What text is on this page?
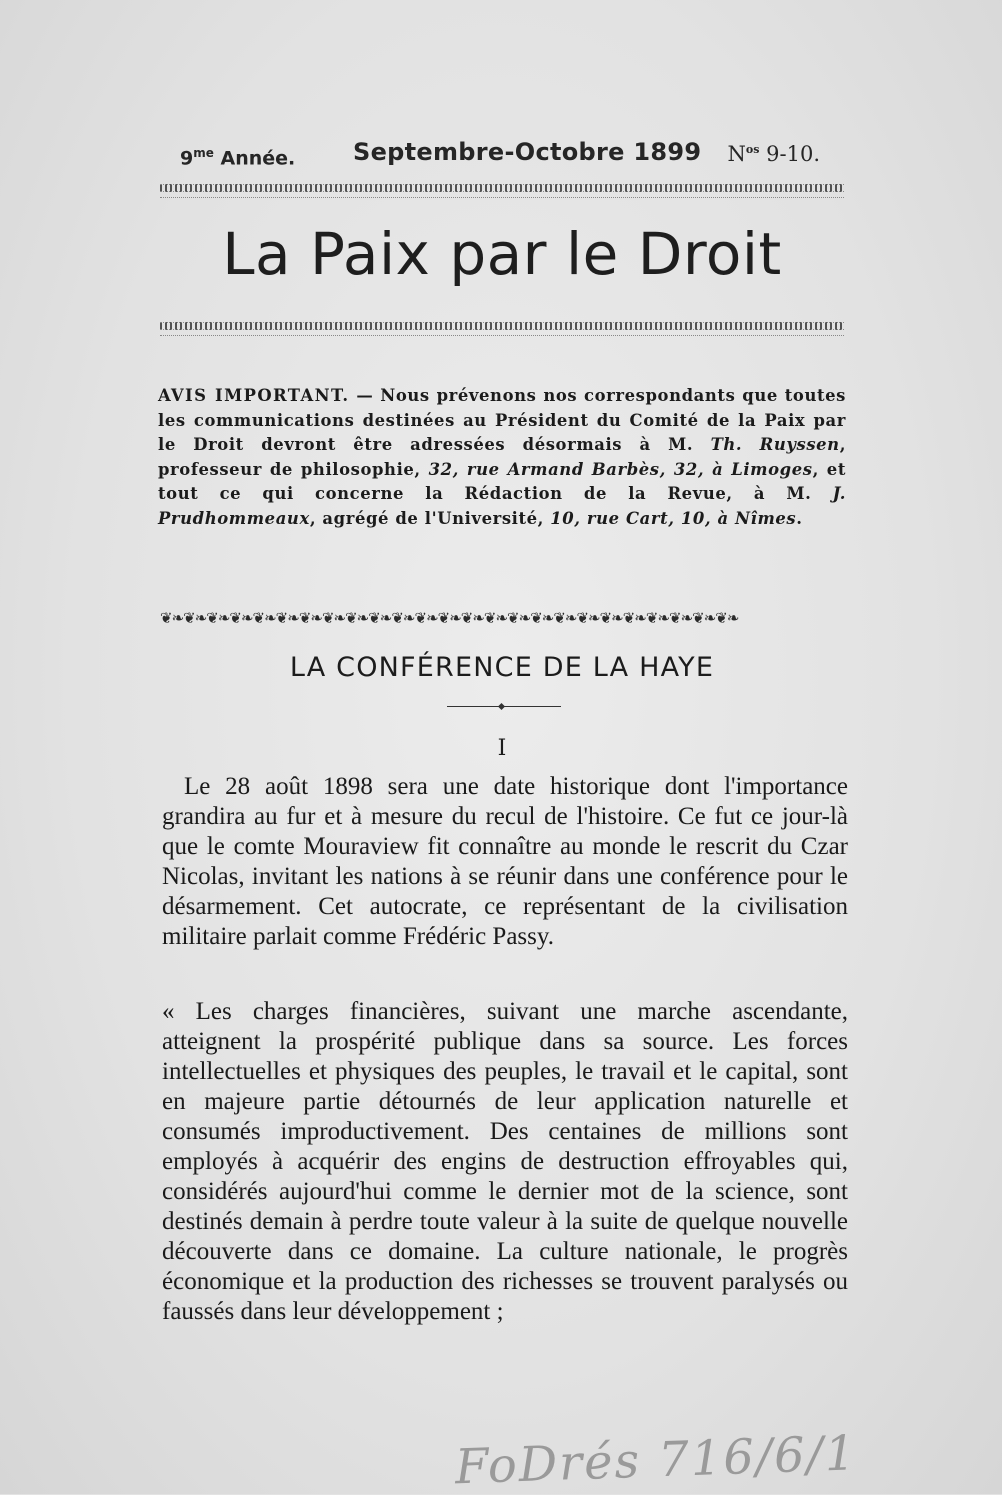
$9^{me}$ Année. Septembre-Octobre 1899 $N^{os}$ 9-10.
La Paix par le Droit
AVIS IMPORTANT. — Nous prévenons nos correspondants que toutes les communications destinées au Président du Comité de la Paix par le Droit devront être adressées désormais à M. Th. Ruyssen, professeur de philosophie, 32, rue Armand Barbès, 32, à Limoges, et tout ce qui concerne la Rédaction de la Revue, à M. J. Prudhommeaux, agrégé de l'Université, 10, rue Cart, 10, à Nîmes.
❦❧❦❧❦❧❦❧❦❧❦❧❦❧❦❧❦❧❦❧❦❧❦❧❦❧❦❧❦❧❦❧❦❧❦❧❦❧❦❧❦❧❦❧❦❧❦❧❦❧
LA CONFÉRENCE DE LA HAYE
I
Le 28 août 1898 sera une date historique dont l'importance grandira au fur et à mesure du recul de l'histoire. Ce fut ce jour-là que le comte Mouraview fit connaître au monde le rescrit du Czar Nicolas, invitant les nations à se réunir dans une conférence pour le désarmement. Cet autocrate, ce représentant de la civilisation militaire parlait comme Frédéric Passy.
« Les charges financières, suivant une marche ascendante, atteignent la prospérité publique dans sa source. Les forces intellectuelles et physiques des peuples, le travail et le capital, sont en majeure partie détournés de leur application naturelle et consumés improductivement. Des centaines de millions sont employés à acquérir des engins de destruction effroyables qui, considérés aujourd'hui comme le dernier mot de la science, sont destinés demain à perdre toute valeur à la suite de quelque nouvelle découverte dans ce domaine. La culture nationale, le progrès économique et la production des richesses se trouvent paralysés ou faussés dans leur développement ;
FoDrés 716/6/1
